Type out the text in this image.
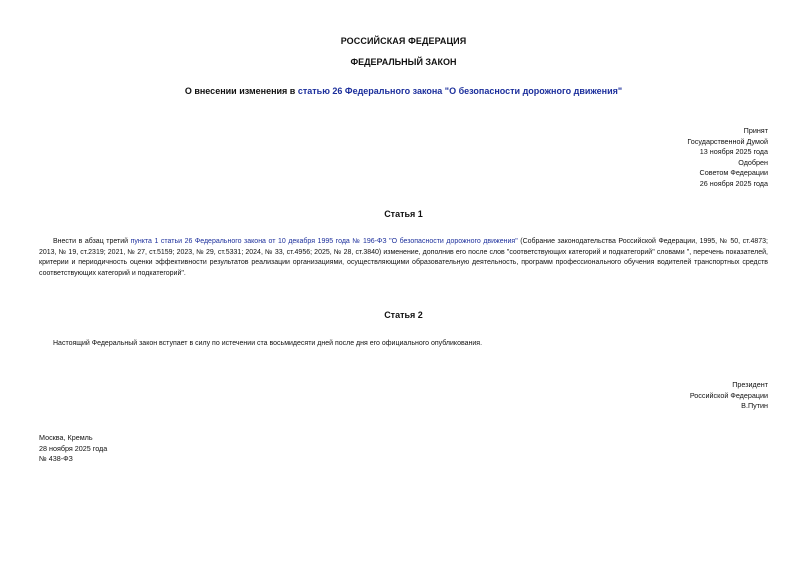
РОССИЙСКАЯ ФЕДЕРАЦИЯ
ФЕДЕРАЛЬНЫЙ ЗАКОН
О внесении изменения в статью 26 Федерального закона "О безопасности дорожного движения"
Принят
Государственной Думой
13 ноября 2025 года
Одобрен
Советом Федерации
26 ноября 2025 года
Статья 1
Внести в абзац третий пункта 1 статьи 26 Федерального закона от 10 декабря 1995 года № 196-ФЗ "О безопасности дорожного движения" (Собрание законодательства Российской Федерации, 1995, № 50, ст.4873; 2013, № 19, ст.2319; 2021, № 27, ст.5159; 2023, № 29, ст.5331; 2024, № 33, ст.4956; 2025, № 28, ст.3840) изменение, дополнив его после слов "соответствующих категорий и подкатегорий" словами ", перечень показателей, критерии и периодичность оценки эффективности результатов реализации организациями, осуществляющими образовательную деятельность, программ профессионального обучения водителей транспортных средств соответствующих категорий и подкатегорий".
Статья 2
Настоящий Федеральный закон вступает в силу по истечении ста восьмидесяти дней после дня его официального опубликования.
Президент
Российской Федерации
В.Путин
Москва, Кремль
28 ноября 2025 года
№ 438-ФЗ
